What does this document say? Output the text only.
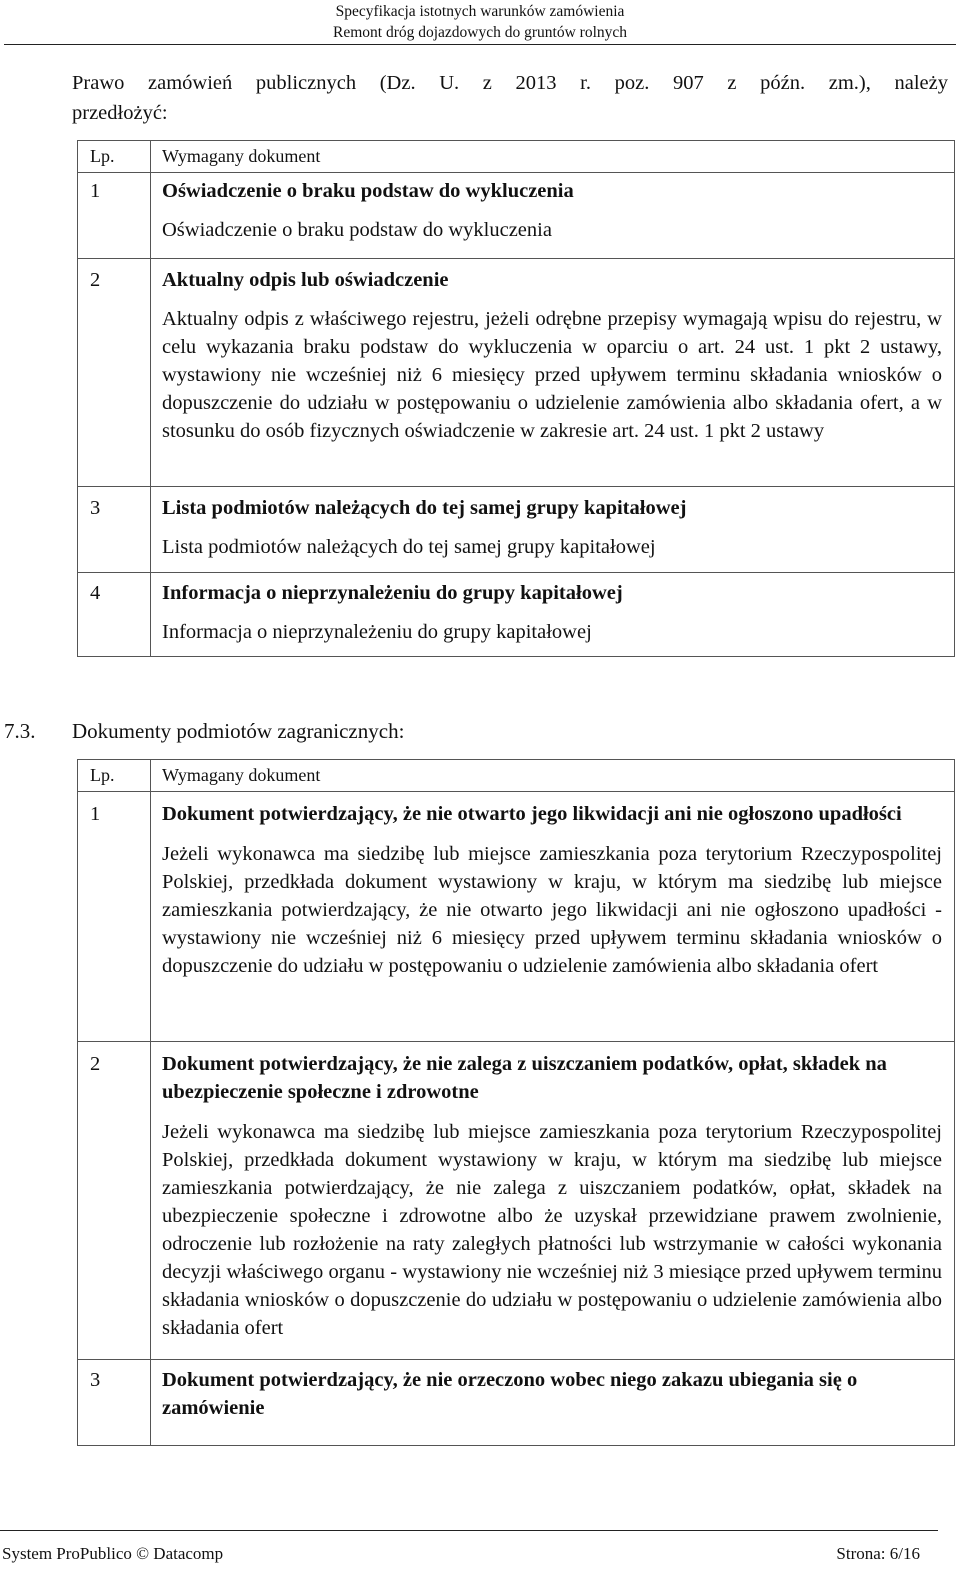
Specyfikacja istotnych warunków zamówienia
Remont dróg dojazdowych do gruntów rolnych
Prawo zamówień publicznych (Dz. U. z 2013 r. poz. 907 z późn. zm.), należy
przedłożyć:
Lp.	Wymagany dokument

1	Oświadczenie o braku podstaw do wykluczenia
Oświadczenie o braku podstaw do wykluczenia

2	Aktualny odpis lub oświadczenie
Aktualny odpis z właściwego rejestru, jeżeli odrębne przepisy wymagają wpisu do rejestru, w celu wykazania braku podstaw do wykluczenia w oparciu o art. 24 ust. 1 pkt 2 ustawy, wystawiony nie wcześniej niż 6 miesięcy przed upływem terminu składania wniosków o dopuszczenie do udziału w postępowaniu o udzielenie zamówienia albo składania ofert, a w stosunku do osób fizycznych oświadczenie w zakresie art. 24 ust. 1 pkt 2 ustawy

3	Lista podmiotów należących do tej samej grupy kapitałowej
Lista podmiotów należących do tej samej grupy kapitałowej

4	Informacja o nieprzynależeniu do grupy kapitałowej
Informacja o nieprzynależeniu do grupy kapitałowej
7.3. Dokumenty podmiotów zagranicznych:
Lp.	Wymagany dokument

1	Dokument potwierdzający, że nie otwarto jego likwidacji ani nie ogłoszono upadłości
Jeżeli wykonawca ma siedzibę lub miejsce zamieszkania poza terytorium Rzeczypospolitej Polskiej, przedkłada dokument wystawiony w kraju, w którym ma siedzibę lub miejsce zamieszkania potwierdzający, że nie otwarto jego likwidacji ani nie ogłoszono upadłości - wystawiony nie wcześniej niż 6 miesięcy przed upływem terminu składania wniosków o dopuszczenie do udziału w postępowaniu o udzielenie zamówienia albo składania ofert

2	Dokument potwierdzający, że nie zalega z uiszczaniem podatków, opłat, składek na ubezpieczenie społeczne i zdrowotne
Jeżeli wykonawca ma siedzibę lub miejsce zamieszkania poza terytorium Rzeczypospolitej Polskiej, przedkłada dokument wystawiony w kraju, w którym ma siedzibę lub miejsce zamieszkania potwierdzający, że nie zalega z uiszczaniem podatków, opłat, składek na ubezpieczenie społeczne i zdrowotne albo że uzyskał przewidziane prawem zwolnienie, odroczenie lub rozłożenie na raty zaległych płatności lub wstrzymanie w całości wykonania decyzji właściwego organu - wystawiony nie wcześniej niż 3 miesiące przed upływem terminu składania wniosków o dopuszczenie do udziału w postępowaniu o udzielenie zamówienia albo składania ofert

3	Dokument potwierdzający, że nie orzeczono wobec niego zakazu ubiegania się o zamówienie
System ProPublico © Datacomp	Strona: 6/16
